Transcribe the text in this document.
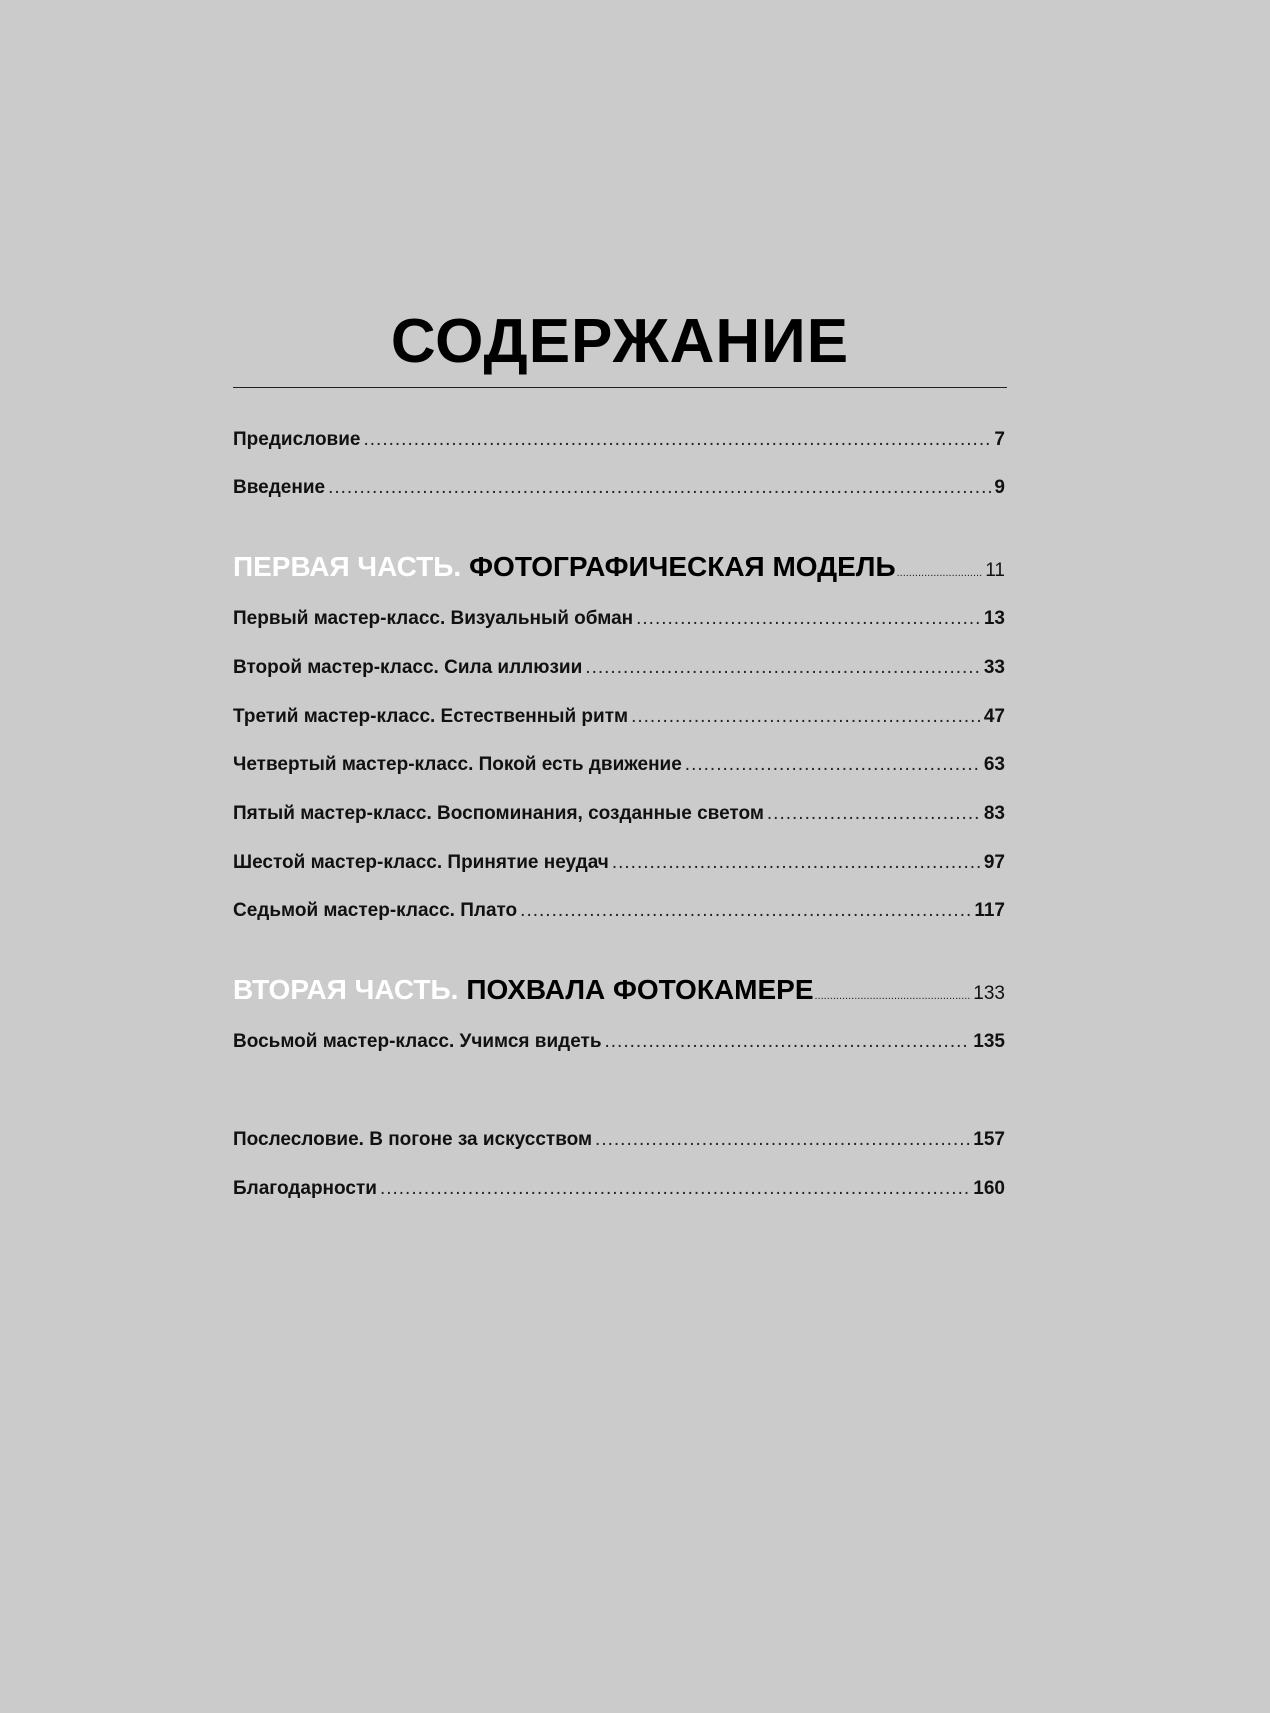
СОДЕРЖАНИЕ
Предисловие .....	7
Введение .....	9
ПЕРВАЯ ЧАСТЬ. ФОТОГРАФИЧЕСКАЯ МОДЕЛЬ .....	11
Первый мастер-класс. Визуальный обман .....	13
Второй мастер-класс. Сила иллюзии .....	33
Третий мастер-класс. Естественный ритм .....	47
Четвертый мастер-класс. Покой есть движение .....	63
Пятый мастер-класс. Воспоминания, созданные светом .....	83
Шестой мастер-класс. Принятие неудач .....	97
Седьмой мастер-класс. Плато .....	117
ВТОРАЯ ЧАСТЬ. ПОХВАЛА ФОТОКАМЕРЕ .....	133
Восьмой мастер-класс. Учимся видеть .....	135
Послесловие. В погоне за искусством .....	157
Благодарности .....	160
